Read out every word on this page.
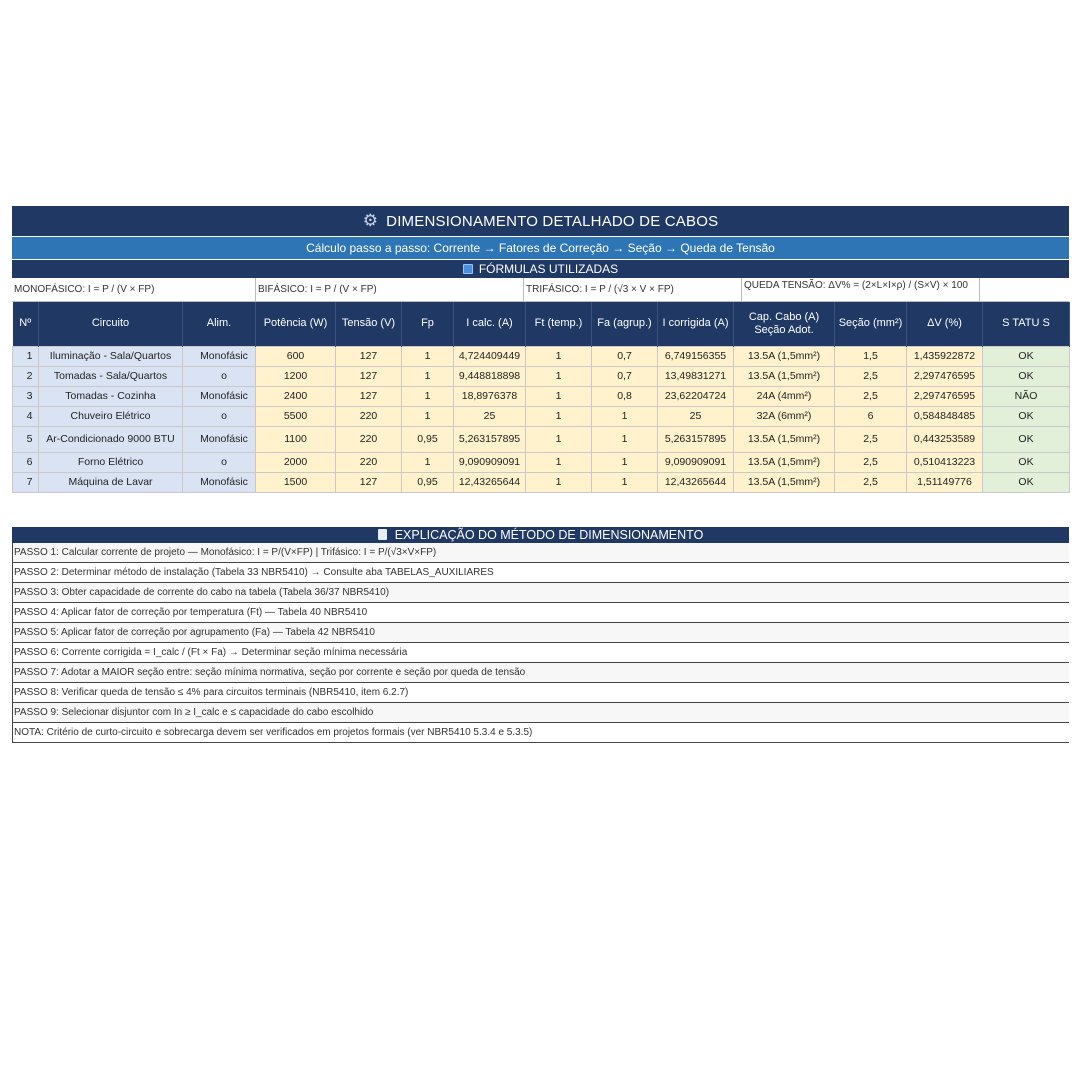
⚙ DIMENSIONAMENTO DETALHADO DE CABOS
Cálculo passo a passo: Corrente → Fatores de Correção → Seção → Queda de Tensão
FÓRMULAS UTILIZADAS
MONOFÁSICO: I = P / (V × FP)	BIFÁSICO: I = P / (V × FP)	TRIFÁSICO: I = P / (√3 × V × FP)	QUEDA TENSÃO: ΔV% = (2×L×I×ρ) / (S×V) × 100
Nº	Circuito	Alim.	Potência (W)	Tensão (V)	Fp	I calc. (A)	Ft (temp.)	Fa (agrup.)	I corrigida (A)	Cap. Cabo (A) Seção Adot.	Seção (mm²)	ΔV (%)	S TATU S
1	Iluminação - Sala/Quartos	Monofásic	600	127	1	4,724409449	1	0,7	6,749156355	13.5A (1,5mm²)	1,5	1,435922872	OK
2	Tomadas - Sala/Quartos	o	1200	127	1	9,448818898	1	0,7	13,49831271	13.5A (1,5mm²)	2,5	2,297476595	OK
3	Tomadas - Cozinha	Monofásic	2400	127	1	18,8976378	1	0,8	23,62204724	24A (4mm²)	2,5	2,297476595	NÃO
4	Chuveiro Elétrico	o	5500	220	1	25	1	1	25	32A (6mm²)	6	0,584848485	OK
5	Ar-Condicionado 9000 BTU	Monofásic	1100	220	0,95	5,263157895	1	1	5,263157895	13.5A (1,5mm²)	2,5	0,443253589	OK
6	Forno Elétrico	o	2000	220	1	9,090909091	1	1	9,090909091	13.5A (1,5mm²)	2,5	0,510413223	OK
7	Máquina de Lavar	Monofásic	1500	127	0,95	12,43265644	1	1	12,43265644	13.5A (1,5mm²)	2,5	1,51149776	OK
EXPLICAÇÃO DO MÉTODO DE DIMENSIONAMENTO
PASSO 1: Calcular corrente de projeto — Monofásico: I = P/(V×FP) | Trifásico: I = P/(√3×V×FP)
PASSO 2: Determinar método de instalação (Tabela 33 NBR5410) → Consulte aba TABELAS_AUXILIARES
PASSO 3: Obter capacidade de corrente do cabo na tabela (Tabela 36/37 NBR5410)
PASSO 4: Aplicar fator de correção por temperatura (Ft) — Tabela 40 NBR5410
PASSO 5: Aplicar fator de correção por agrupamento (Fa) — Tabela 42 NBR5410
PASSO 6: Corrente corrigida = I_calc / (Ft × Fa) → Determinar seção mínima necessária
PASSO 7: Adotar a MAIOR seção entre: seção mínima normativa, seção por corrente e seção por queda de tensão
PASSO 8: Verificar queda de tensão ≤ 4% para circuitos terminais (NBR5410, item 6.2.7)
PASSO 9: Selecionar disjuntor com In ≥ I_calc e ≤ capacidade do cabo escolhido
NOTA: Critério de curto-circuito e sobrecarga devem ser verificados em projetos formais (ver NBR5410 5.3.4 e 5.3.5)
